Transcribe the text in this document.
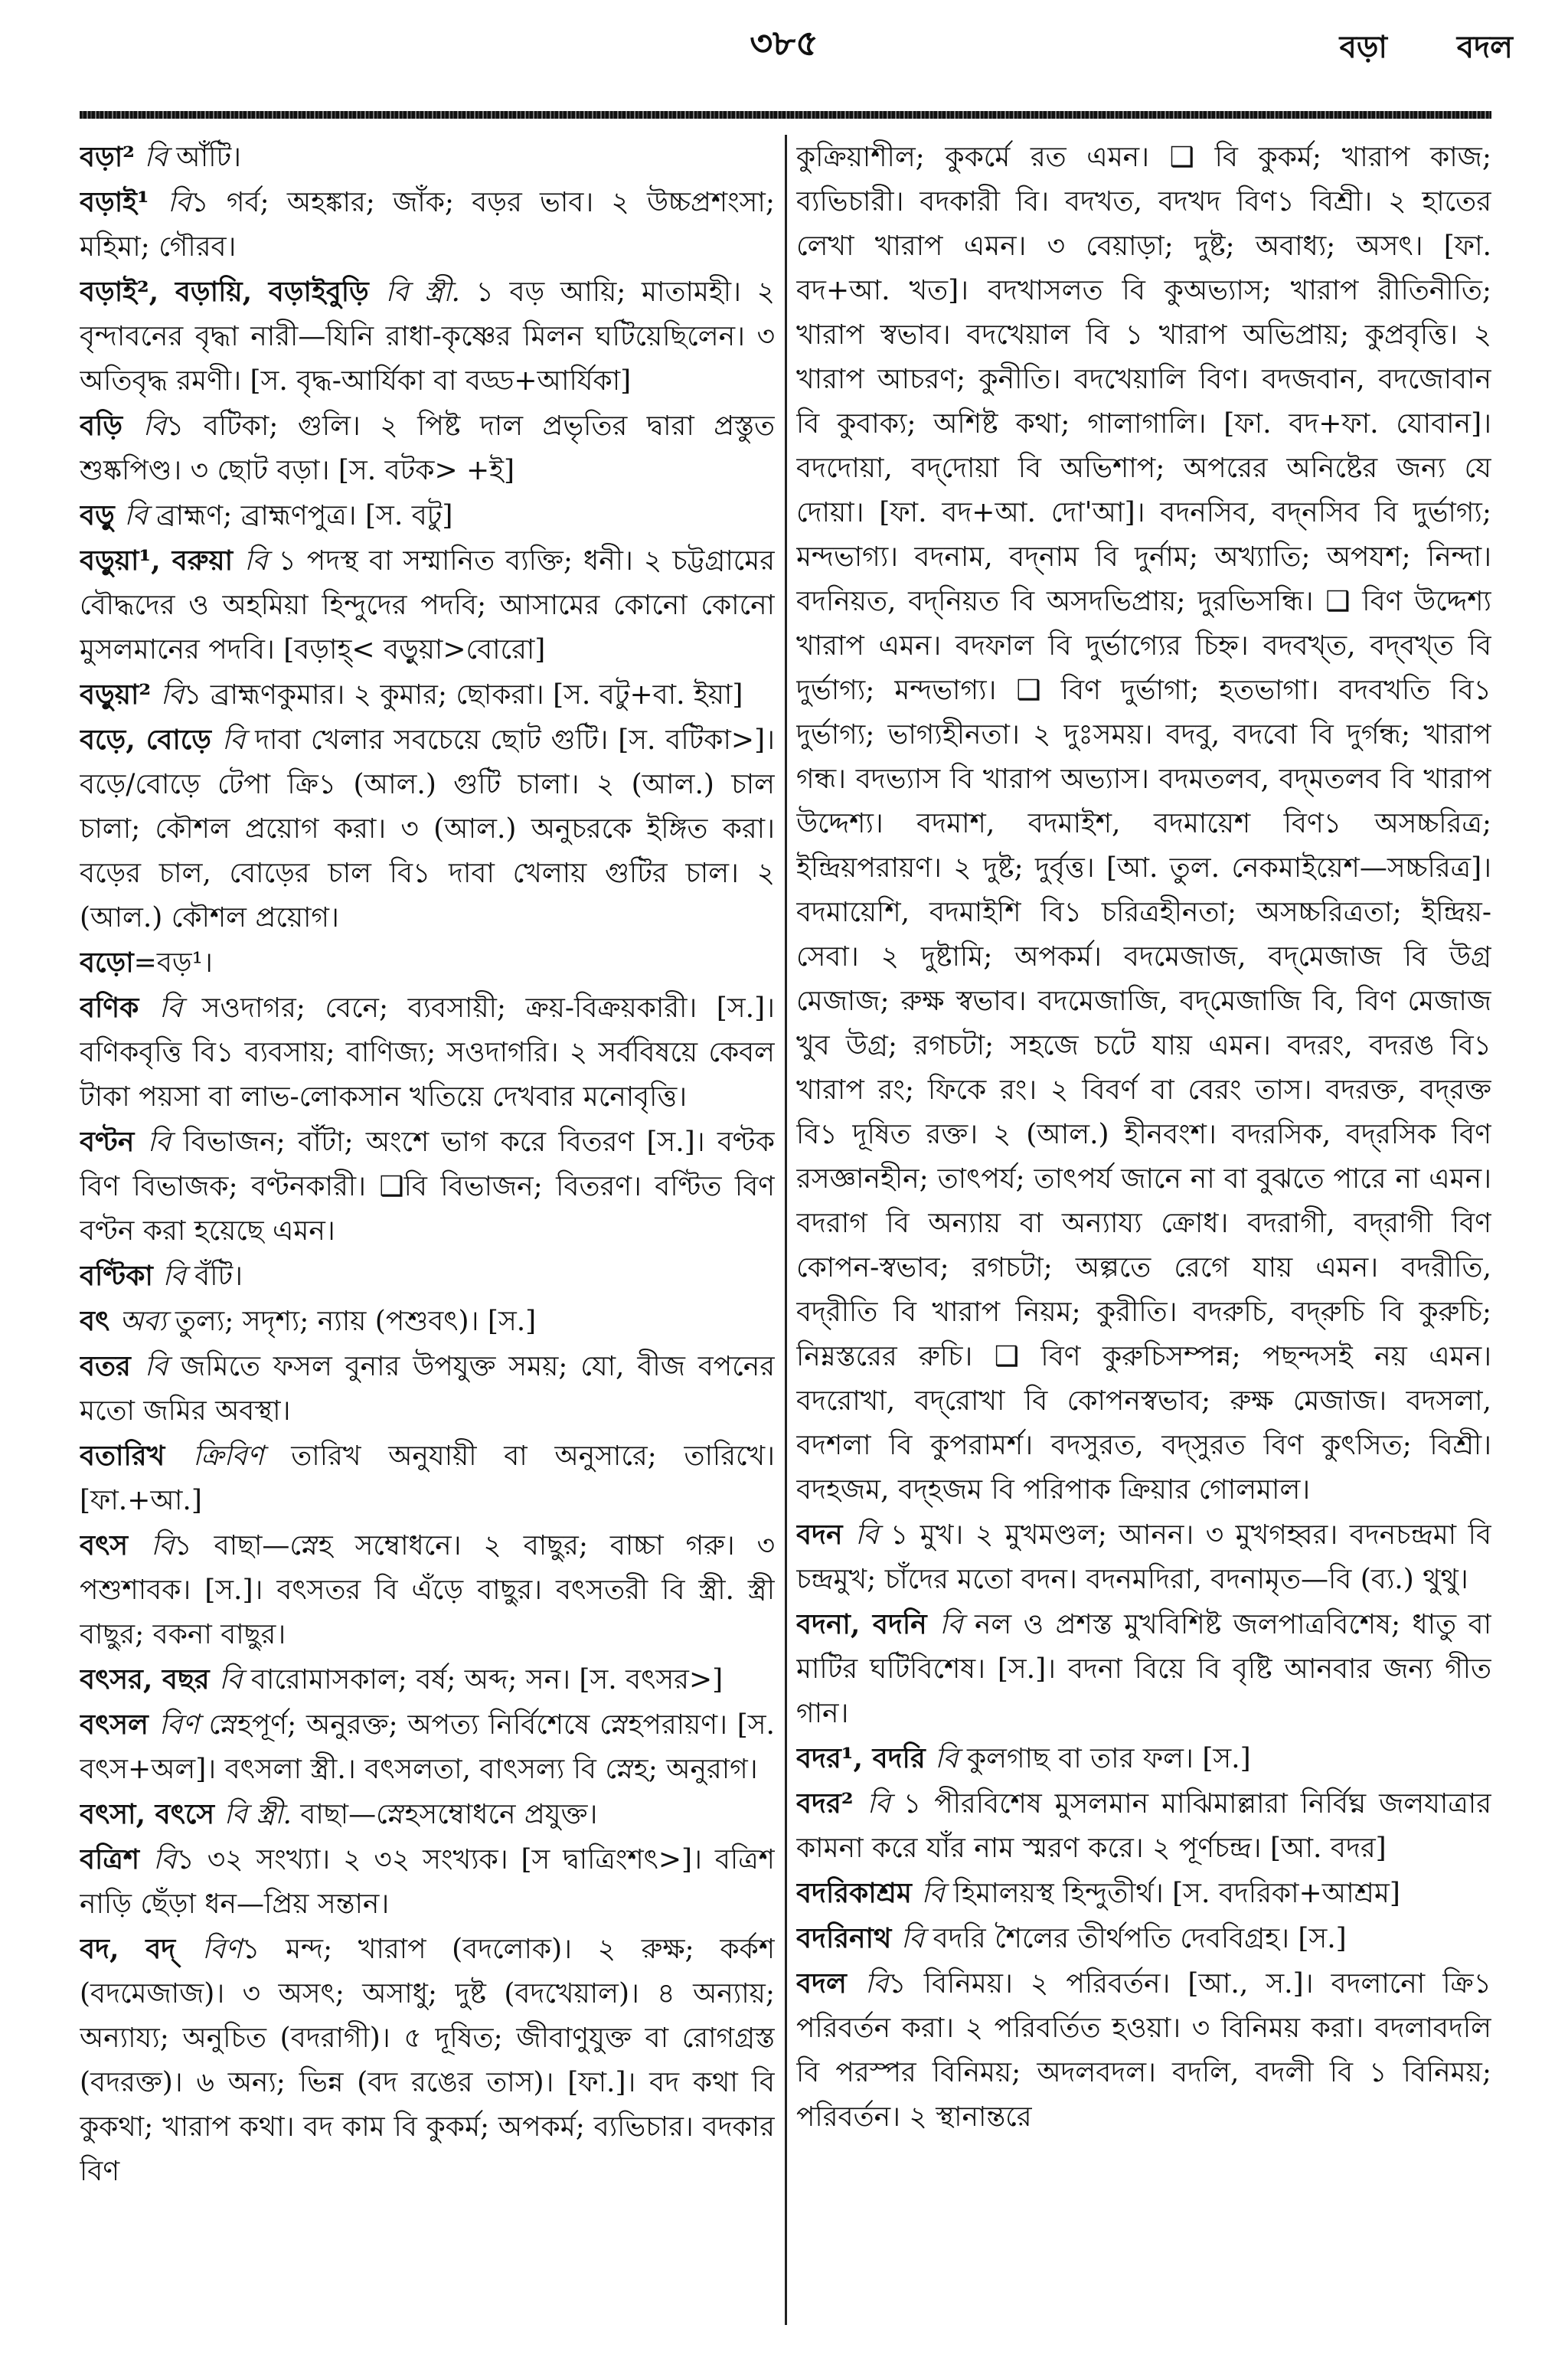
৩৮৫	বড়া বদল

বড়া² বি আঁটি।

বড়াই¹ বি১ গর্ব; অহঙ্কার; জাঁক; বড়র ভাব। ২ উচ্চপ্রশংসা; মহিমা; গৌরব।

বড়াই², বড়ায়ি, বড়াইবুড়ি বি স্ত্রী. ১ বড় আয়ি; মাতামহী। ২ বৃন্দাবনের বৃদ্ধা নারী—যিনি রাধা-কৃষ্ণের মিলন ঘটিয়েছিলেন। ৩ অতিবৃদ্ধ রমণী। [স. বৃদ্ধ-আর্যিকা বা বড্ড+আর্যিকা]

বড়ি বি১ বটিকা; গুলি। ২ পিষ্ট দাল প্রভৃতির দ্বারা প্রস্তুত শুষ্কপিণ্ড। ৩ ছোট বড়া। [স. বটক> +ই]

বড়ু বি ব্রাহ্মণ; ব্রাহ্মণপুত্র। [স. বটু]

বড়ুয়া¹, বরুয়া বি ১ পদস্থ বা সম্মানিত ব্যক্তি; ধনী। ২ চট্টগ্রামের বৌদ্ধদের ও অহমিয়া হিন্দুদের পদবি; আসামের কোনো কোনো মুসলমানের পদবি। [বড়াহ্< বড়ুয়া>বোরো]

বড়ুয়া² বি১ ব্রাহ্মণকুমার। ২ কুমার; ছোকরা। [স. বটু+বা. ইয়া]

বড়ে, বোড়ে বি দাবা খেলার সবচেয়ে ছোট গুটি। [স. বটিকা>]। বড়ে/বোড়ে টেপা ক্রি১ (আল.) গুটি চালা। ২ (আল.) চাল চালা; কৌশল প্রয়োগ করা। ৩ (আল.) অনুচরকে ইঙ্গিত করা। বড়ের চাল, বোড়ের চাল বি১ দাবা খেলায় গুটির চাল। ২ (আল.) কৌশল প্রয়োগ।

বড়ো=বড়¹।

বণিক বি সওদাগর; বেনে; ব্যবসায়ী; ক্রয়-বিক্রয়কারী। [স.]। বণিকবৃত্তি বি১ ব্যবসায়; বাণিজ্য; সওদাগরি। ২ সর্ববিষয়ে কেবল টাকা পয়সা বা লাভ-লোকসান খতিয়ে দেখবার মনোবৃত্তি।

বণ্টন বি বিভাজন; বাঁটা; অংশে ভাগ করে বিতরণ [স.]। বণ্টক বিণ বিভাজক; বণ্টনকারী। ❑বি বিভাজন; বিতরণ। বণ্টিত বিণ বণ্টন করা হয়েছে এমন।

বণ্টিকা বি বঁটি।

বৎ অব্য তুল্য; সদৃশ্য; ন্যায় (পশুবৎ)। [স.]

বতর বি জমিতে ফসল বুনার উপযুক্ত সময়; যো, বীজ বপনের মতো জমির অবস্থা।

বতারিখ ক্রিবিণ তারিখ অনুযায়ী বা অনুসারে; তারিখে। [ফা.+আ.]

বৎস বি১ বাছা—স্নেহ সম্বোধনে। ২ বাছুর; বাচ্চা গরু। ৩ পশুশাবক। [স.]। বৎসতর বি এঁড়ে বাছুর। বৎসতরী বি স্ত্রী. স্ত্রী বাছুর; বকনা বাছুর।

বৎসর, বছর বি বারোমাসকাল; বর্ষ; অব্দ; সন। [স. বৎসর>]

বৎসল বিণ স্নেহপূর্ণ; অনুরক্ত; অপত্য নির্বিশেষে স্নেহপরায়ণ। [স. বৎস+অল]। বৎসলা স্ত্রী.। বৎসলতা, বাৎসল্য বি স্নেহ; অনুরাগ।

বৎসা, বৎসে বি স্ত্রী. বাছা—স্নেহসম্বোধনে প্রযুক্ত।

বত্রিশ বি১ ৩২ সংখ্যা। ২ ৩২ সংখ্যক। [স দ্বাত্রিংশৎ>]। বত্রিশ নাড়ি ছেঁড়া ধন—প্রিয় সন্তান।

বদ, বদ্ বিণ১ মন্দ; খারাপ (বদলোক)। ২ রুক্ষ; কর্কশ (বদমেজাজ)। ৩ অসৎ; অসাধু; দুষ্ট (বদখেয়াল)। ৪ অন্যায়; অন্যায্য; অনুচিত (বদরাগী)। ৫ দূষিত; জীবাণুযুক্ত বা রোগগ্রস্ত (বদরক্ত)। ৬ অন্য; ভিন্ন (বদ রঙের তাস)। [ফা.]। বদ কথা বি কুকথা; খারাপ কথা। বদ কাম বি কুকর্ম; অপকর্ম; ব্যভিচার। বদকার বিণ

কুক্রিয়াশীল; কুকর্মে রত এমন। ❑ বি কুকর্ম; খারাপ কাজ; ব্যভিচারী। বদকারী বি। বদখত, বদখদ বিণ১ বিশ্রী। ২ হাতের লেখা খারাপ এমন। ৩ বেয়াড়া; দুষ্ট; অবাধ্য; অসৎ। [ফা. বদ+আ. খত]। বদখাসলত বি কুঅভ্যাস; খারাপ রীতিনীতি; খারাপ স্বভাব। বদখেয়াল বি ১ খারাপ অভিপ্রায়; কুপ্রবৃত্তি। ২ খারাপ আচরণ; কুনীতি। বদখেয়ালি বিণ। বদজবান, বদজোবান বি কুবাক্য; অশিষ্ট কথা; গালাগালি। [ফা. বদ+ফা. যোবান]। বদদোয়া, বদ্‌দোয়া বি অভিশাপ; অপরের অনিষ্টের জন্য যে দোয়া। [ফা. বদ+আ. দো'আ]। বদনসিব, বদ্‌নসিব বি দুর্ভাগ্য; মন্দভাগ্য। বদনাম, বদ্‌নাম বি দুর্নাম; অখ্যাতি; অপযশ; নিন্দা। বদনিয়ত, বদ্‌নিয়ত বি অসদভিপ্রায়; দুরভিসন্ধি। ❑ বিণ উদ্দেশ্য খারাপ এমন। বদফাল বি দুর্ভাগ্যের চিহ্ন। বদবখ্‌ত, বদ্‌বখ্‌ত বি দুর্ভাগ্য; মন্দভাগ্য। ❑ বিণ দুর্ভাগা; হতভাগা। বদবখতি বি১ দুর্ভাগ্য; ভাগ্যহীনতা। ২ দুঃসময়। বদবু, বদবো বি দুর্গন্ধ; খারাপ গন্ধ। বদভ্যাস বি খারাপ অভ্যাস। বদমতলব, বদ্‌মতলব বি খারাপ উদ্দেশ্য। বদমাশ, বদমাইশ, বদমায়েশ বিণ১ অসচ্চরিত্র; ইন্দ্রিয়পরায়ণ। ২ দুষ্ট; দুর্বৃত্ত। [আ. তুল. নেকমাইয়েশ—সচ্চরিত্র]। বদমায়েশি, বদমাইশি বি১ চরিত্রহীনতা; অসচ্চরিত্রতা; ইন্দ্রিয়-সেবা। ২ দুষ্টামি; অপকর্ম। বদমেজাজ, বদ্‌মেজাজ বি উগ্র মেজাজ; রুক্ষ স্বভাব। বদমেজাজি, বদ্‌মেজাজি বি, বিণ মেজাজ খুব উগ্র; রগচটা; সহজে চটে যায় এমন। বদরং, বদরঙ বি১ খারাপ রং; ফিকে রং। ২ বিবর্ণ বা বেরং তাস। বদরক্ত, বদ্‌রক্ত বি১ দূষিত রক্ত। ২ (আল.) হীনবংশ। বদরসিক, বদ্‌রসিক বিণ রসজ্ঞানহীন; তাৎপর্য; তাৎপর্য জানে না বা বুঝতে পারে না এমন। বদরাগ বি অন্যায় বা অন্যায্য ক্রোধ। বদরাগী, বদ্‌রাগী বিণ কোপন-স্বভাব; রগচটা; অল্পতে রেগে যায় এমন। বদরীতি, বদ্‌রীতি বি খারাপ নিয়ম; কুরীতি। বদরুচি, বদ্‌রুচি বি কুরুচি; নিম্নস্তরের রুচি। ❑ বিণ কুরুচিসম্পন্ন; পছন্দসই নয় এমন। বদরোখা, বদ্‌রোখা বি কোপনস্বভাব; রুক্ষ মেজাজ। বদসলা, বদশলা বি কুপরামর্শ। বদসুরত, বদ্‌সুরত বিণ কুৎসিত; বিশ্রী। বদহজম, বদ্‌হজম বি পরিপাক ক্রিয়ার গোলমাল।

বদন বি ১ মুখ। ২ মুখমণ্ডল; আনন। ৩ মুখগহ্বর। বদনচন্দ্রমা বি চন্দ্রমুখ; চাঁদের মতো বদন। বদনমদিরা, বদনামৃত—বি (ব্য.) থুথু।

বদনা, বদনি বি নল ও প্রশস্ত মুখবিশিষ্ট জলপাত্রবিশেষ; ধাতু বা মাটির ঘটিবিশেষ। [স.]। বদনা বিয়ে বি বৃষ্টি আনবার জন্য গীত গান।

বদর¹, বদরি বি কুলগাছ বা তার ফল। [স.]

বদর² বি ১ পীরবিশেষ মুসলমান মাঝিমাল্লারা নির্বিঘ্ন জলযাত্রার কামনা করে যাঁর নাম স্মরণ করে। ২ পূর্ণচন্দ্র। [আ. বদর]

বদরিকাশ্রম বি হিমালয়স্থ হিন্দুতীর্থ। [স. বদরিকা+আশ্রম]

বদরিনাথ বি বদরি শৈলের তীর্থপতি দেববিগ্রহ। [স.]

বদল বি১ বিনিময়। ২ পরিবর্তন। [আ., স.]। বদলানো ক্রি১ পরিবর্তন করা। ২ পরিবর্তিত হওয়া। ৩ বিনিময় করা। বদলাবদলি বি পরস্পর বিনিময়; অদলবদল। বদলি, বদলী বি ১ বিনিময়; পরিবর্তন। ২ স্থানান্তরে
